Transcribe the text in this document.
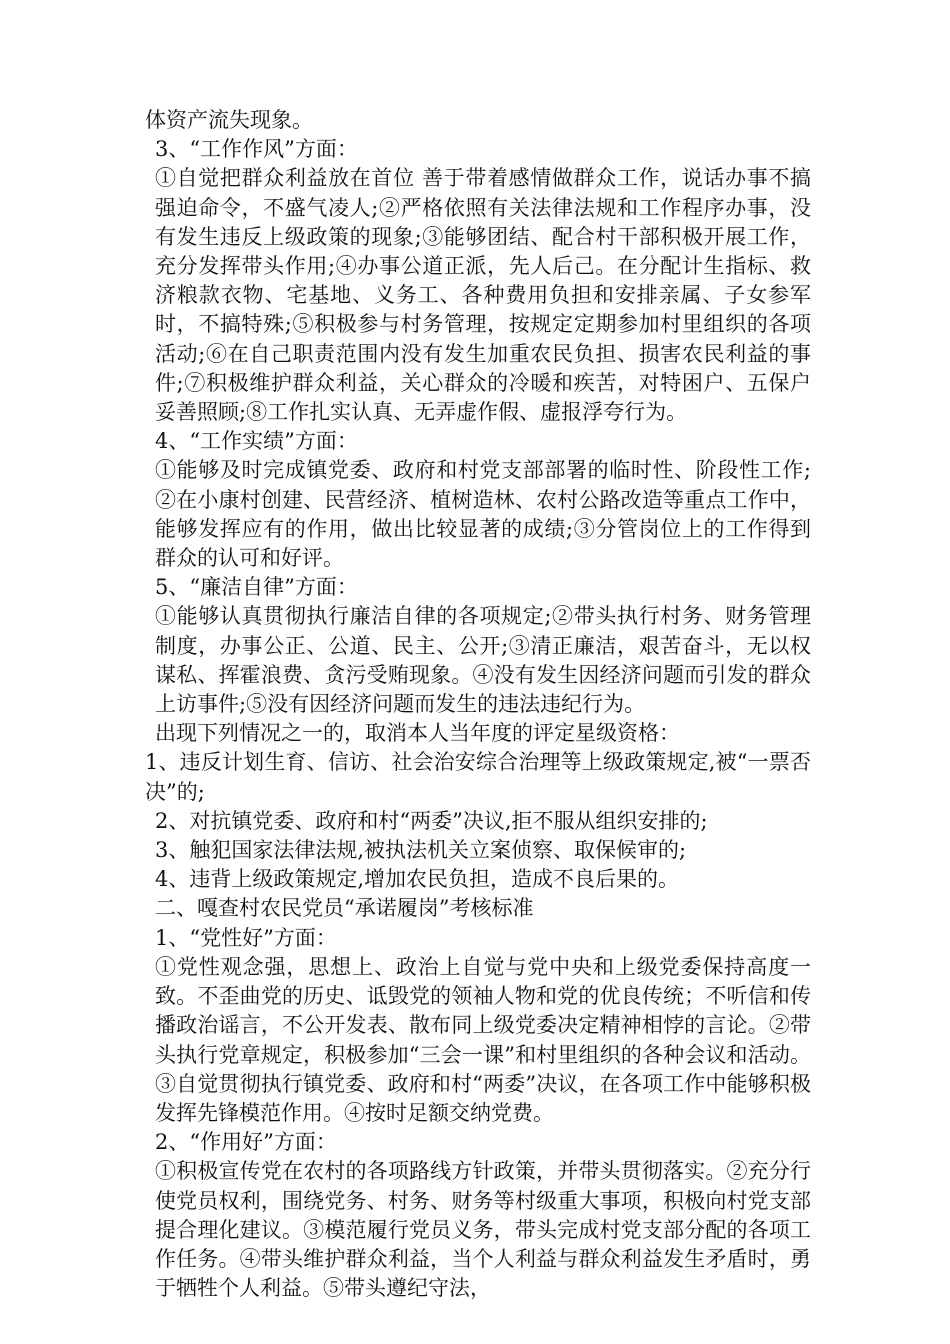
体资产流失现象。

3、“工作作风”方面：

①自觉把群众利益放在首位 善于带着感情做群众工作，说话办事不搞强迫命令，不盛气凌人;②严格依照有关法律法规和工作程序办事，没有发生违反上级政策的现象;③能够团结、配合村干部积极开展工作，充分发挥带头作用;④办事公道正派，先人后己。在分配计生指标、救济粮款衣物、宅基地、义务工、各种费用负担和安排亲属、子女参军时，不搞特殊;⑤积极参与村务管理，按规定定期参加村里组织的各项活动;⑥在自己职责范围内没有发生加重农民负担、损害农民利益的事件;⑦积极维护群众利益，关心群众的冷暖和疾苦，对特困户、五保户妥善照顾;⑧工作扎实认真、无弄虚作假、虚报浮夸行为。

4、“工作实绩”方面：

①能够及时完成镇党委、政府和村党支部部署的临时性、阶段性工作;②在小康村创建、民营经济、植树造林、农村公路改造等重点工作中，能够发挥应有的作用，做出比较显著的成绩;③分管岗位上的工作得到群众的认可和好评。

5、“廉洁自律”方面：

①能够认真贯彻执行廉洁自律的各项规定;②带头执行村务、财务管理制度，办事公正、公道、民主、公开;③清正廉洁，艰苦奋斗，无以权谋私、挥霍浪费、贪污受贿现象。④没有发生因经济问题而引发的群众上访事件;⑤没有因经济问题而发生的违法违纪行为。

出现下列情况之一的，取消本人当年度的评定星级资格：

1、违反计划生育、信访、社会治安综合治理等上级政策规定,被“一票否决”的;

2、对抗镇党委、政府和村“两委”决议,拒不服从组织安排的;

3、触犯国家法律法规,被执法机关立案侦察、取保候审的;

4、违背上级政策规定,增加农民负担，造成不良后果的。

二、嘎查村农民党员“承诺履岗”考核标准

1、“党性好”方面：

①党性观念强，思想上、政治上自觉与党中央和上级党委保持高度一致。不歪曲党的历史、诋毁党的领袖人物和党的优良传统；不听信和传播政治谣言，不公开发表、散布同上级党委决定精神相悖的言论。②带头执行党章规定，积极参加“三会一课”和村里组织的各种会议和活动。③自觉贯彻执行镇党委、政府和村“两委”决议，在各项工作中能够积极发挥先锋模范作用。④按时足额交纳党费。

2、“作用好”方面：

①积极宣传党在农村的各项路线方针政策，并带头贯彻落实。②充分行使党员权利，围绕党务、村务、财务等村级重大事项，积极向村党支部提合理化建议。③模范履行党员义务，带头完成村党支部分配的各项工作任务。④带头维护群众利益，当个人利益与群众利益发生矛盾时，勇于牺牲个人利益。⑤带头遵纪守法，
